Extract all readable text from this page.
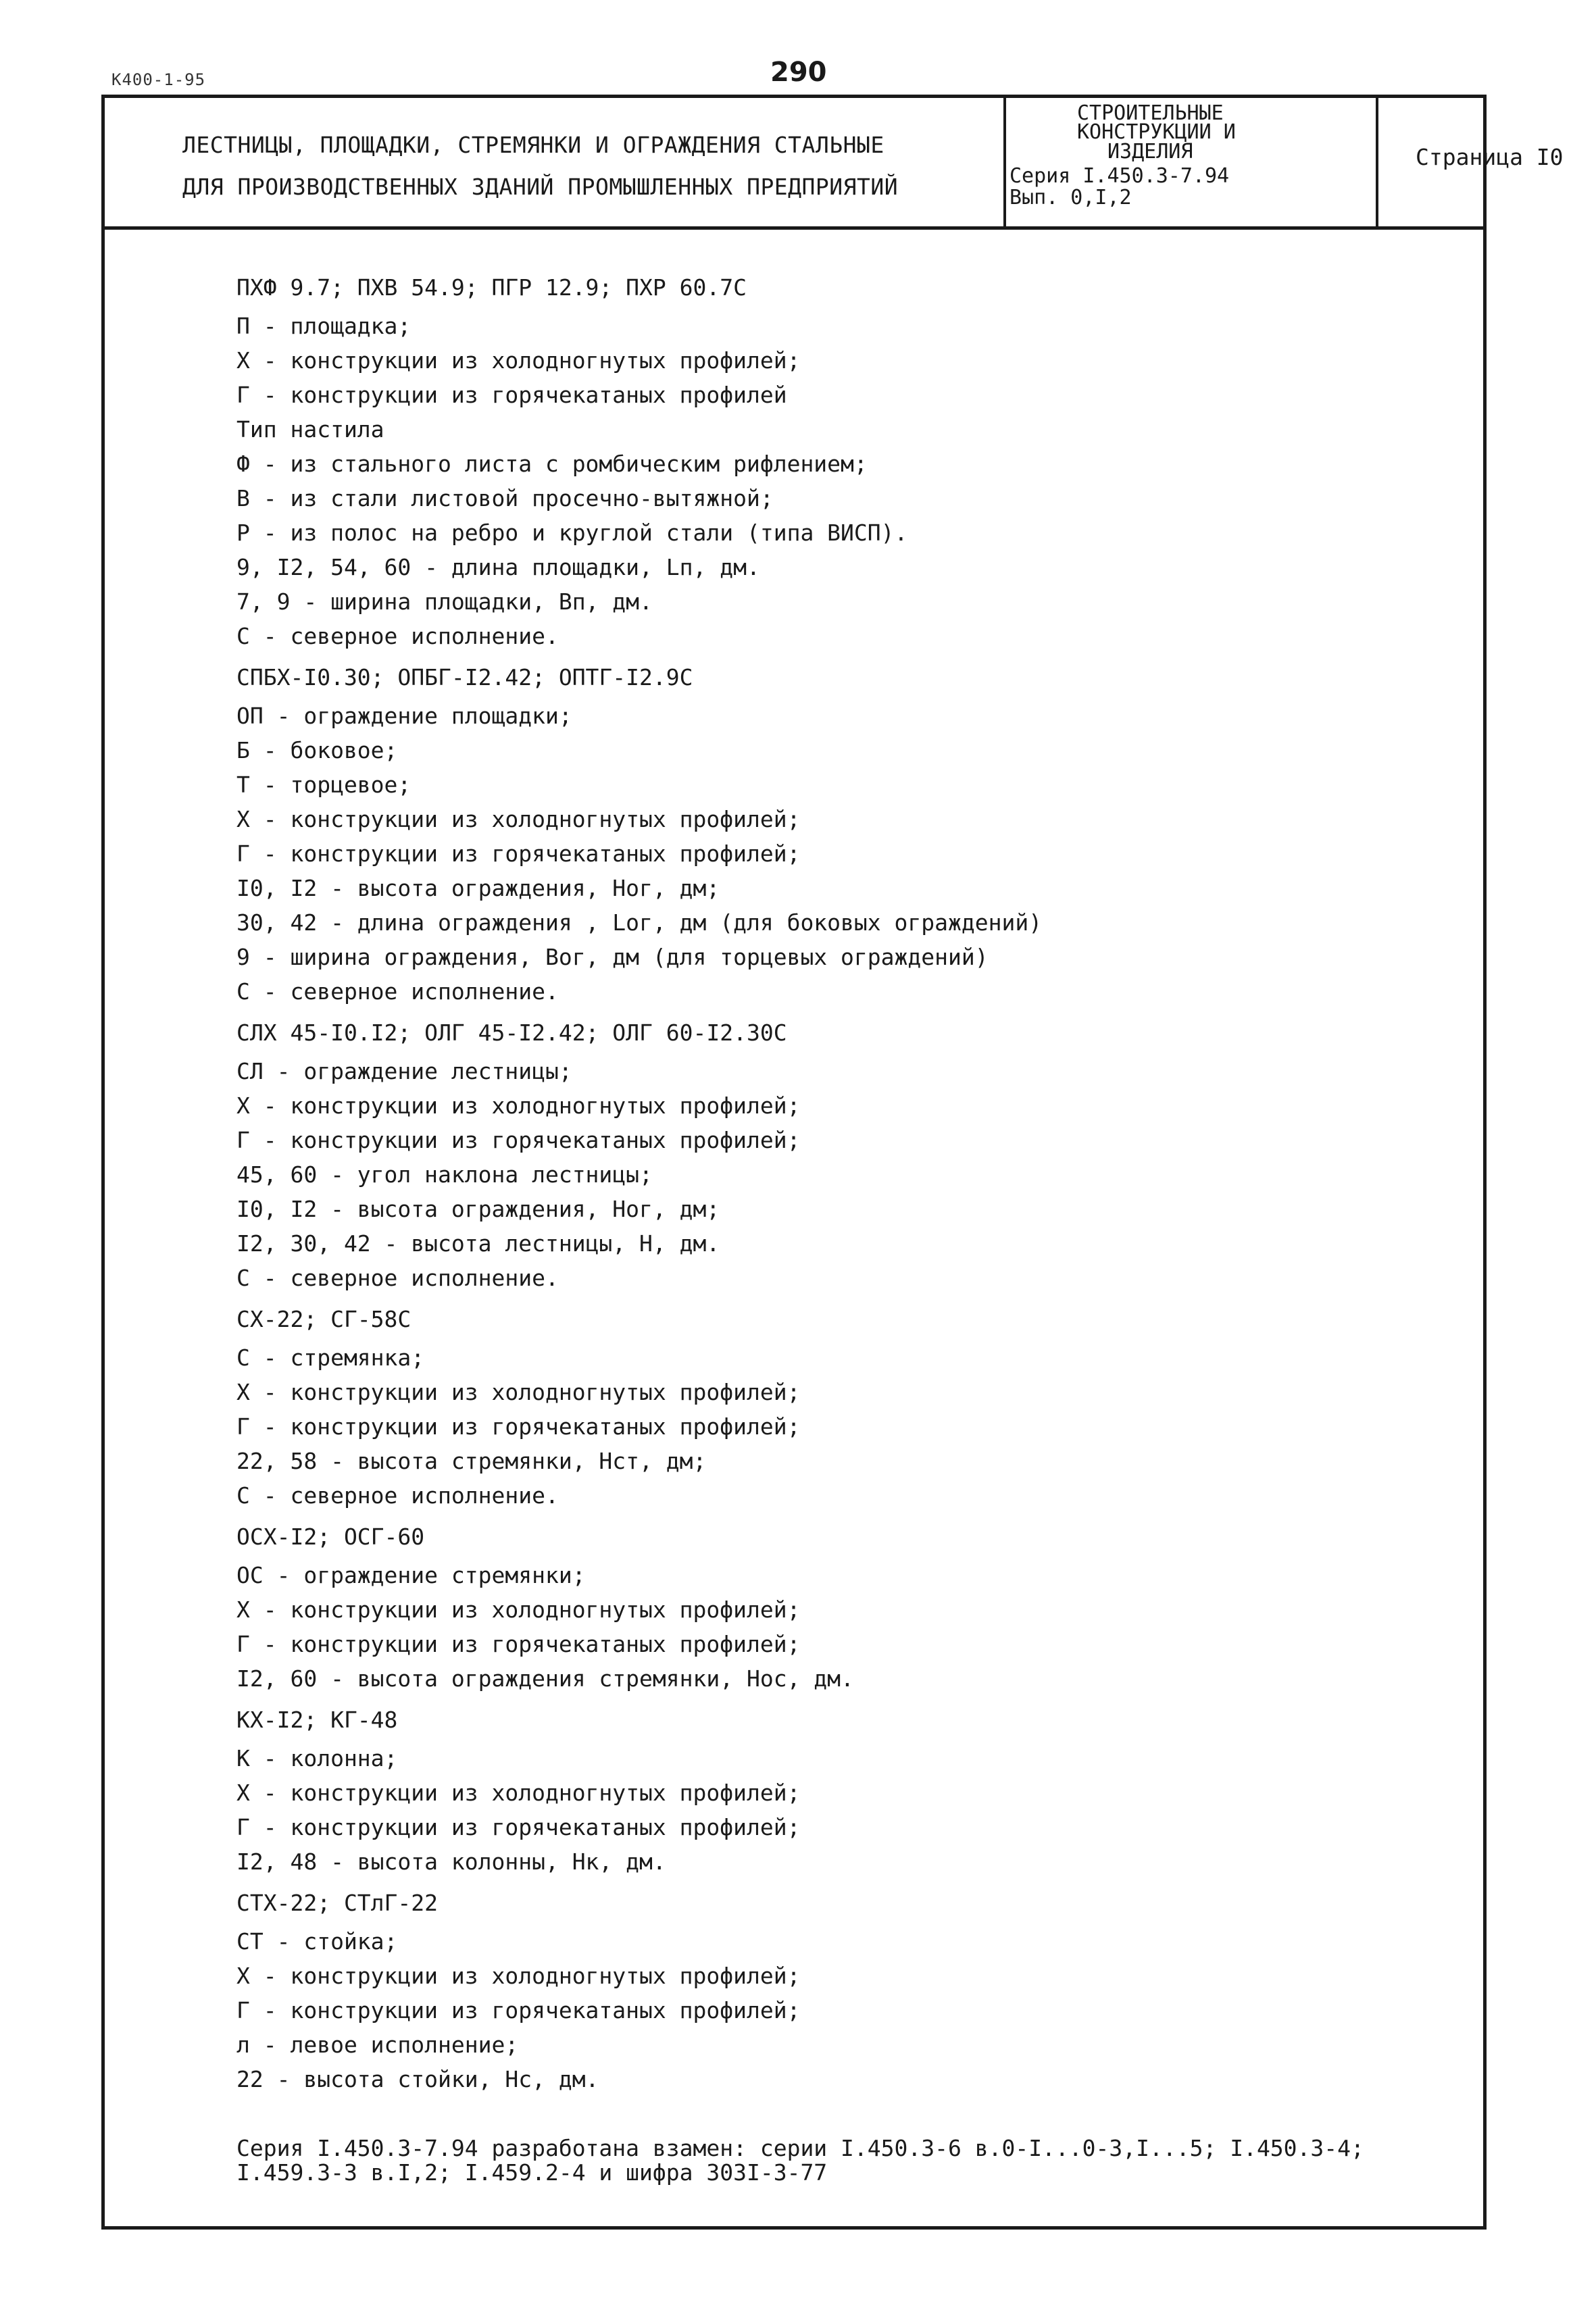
К400-1-95	290
ЛЕСТНИЦЫ, ПЛОЩАДКИ, СТРЕМЯНКИ И ОГРАЖДЕНИЯ СТАЛЬНЫЕ
ДЛЯ ПРОИЗВОДСТВЕННЫХ ЗДАНИЙ ПРОМЫШЛЕННЫХ ПРЕДПРИЯТИЙ
СТРОИТЕЛЬНЫЕ
КОНСТРУКЦИИ И
ИЗДЕЛИЯ
Серия I.450.3-7.94
Вып. 0,I,2
Страница I0
ПХФ 9.7; ПХВ 54.9; ПГР 12.9; ПХР 60.7С
П - площадка;
Х - конструкции из холодногнутых профилей;
Г - конструкции из горячекатаных профилей
Тип настила
Ф - из стального листа с ромбическим рифлением;
В - из стали листовой просечно-вытяжной;
Р - из полос на ребро и круглой стали (типа ВИСП).
9, I2, 54, 60 - длина площадки, Lп, дм.
7, 9 - ширина площадки, Вп, дм.
С - северное исполнение.
СПБХ-I0.30; ОПБГ-I2.42; ОПТГ-I2.9С
ОП - ограждение площадки;
Б - боковое;
Т - торцевое;
Х - конструкции из холодногнутых профилей;
Г - конструкции из горячекатаных профилей;
I0, I2 - высота ограждения, Ног, дм;
30, 42 - длина ограждения , Lог, дм (для боковых ограждений)
9 - ширина ограждения, Вог, дм (для торцевых ограждений)
С - северное исполнение.
СЛХ 45-I0.I2; ОЛГ 45-I2.42; ОЛГ 60-I2.30С
СЛ - ограждение лестницы;
Х - конструкции из холодногнутых профилей;
Г - конструкции из горячекатаных профилей;
45, 60 - угол наклона лестницы;
I0, I2 - высота ограждения, Ног, дм;
I2, 30, 42 - высота лестницы, Н, дм.
С - северное исполнение.
СХ-22; СГ-58С
С - стремянка;
Х - конструкции из холодногнутых профилей;
Г - конструкции из горячекатаных профилей;
22, 58 - высота стремянки, Нст, дм;
С - северное исполнение.
ОСХ-I2; ОСГ-60
ОС - ограждение стремянки;
Х - конструкции из холодногнутых профилей;
Г - конструкции из горячекатаных профилей;
I2, 60 - высота ограждения стремянки, Нос, дм.
КХ-I2; КГ-48
К - колонна;
Х - конструкции из холодногнутых профилей;
Г - конструкции из горячекатаных профилей;
I2, 48 - высота колонны, Нк, дм.
СТХ-22; СТлГ-22
СТ - стойка;
Х - конструкции из холодногнутых профилей;
Г - конструкции из горячекатаных профилей;
л - левое исполнение;
22 - высота стойки, Нс, дм.
Серия I.450.3-7.94 разработана взамен: серии I.450.3-6 в.0-I...0-3,I...5; I.450.3-4;
I.459.3-3 в.I,2; I.459.2-4 и шифра 303I-3-77
